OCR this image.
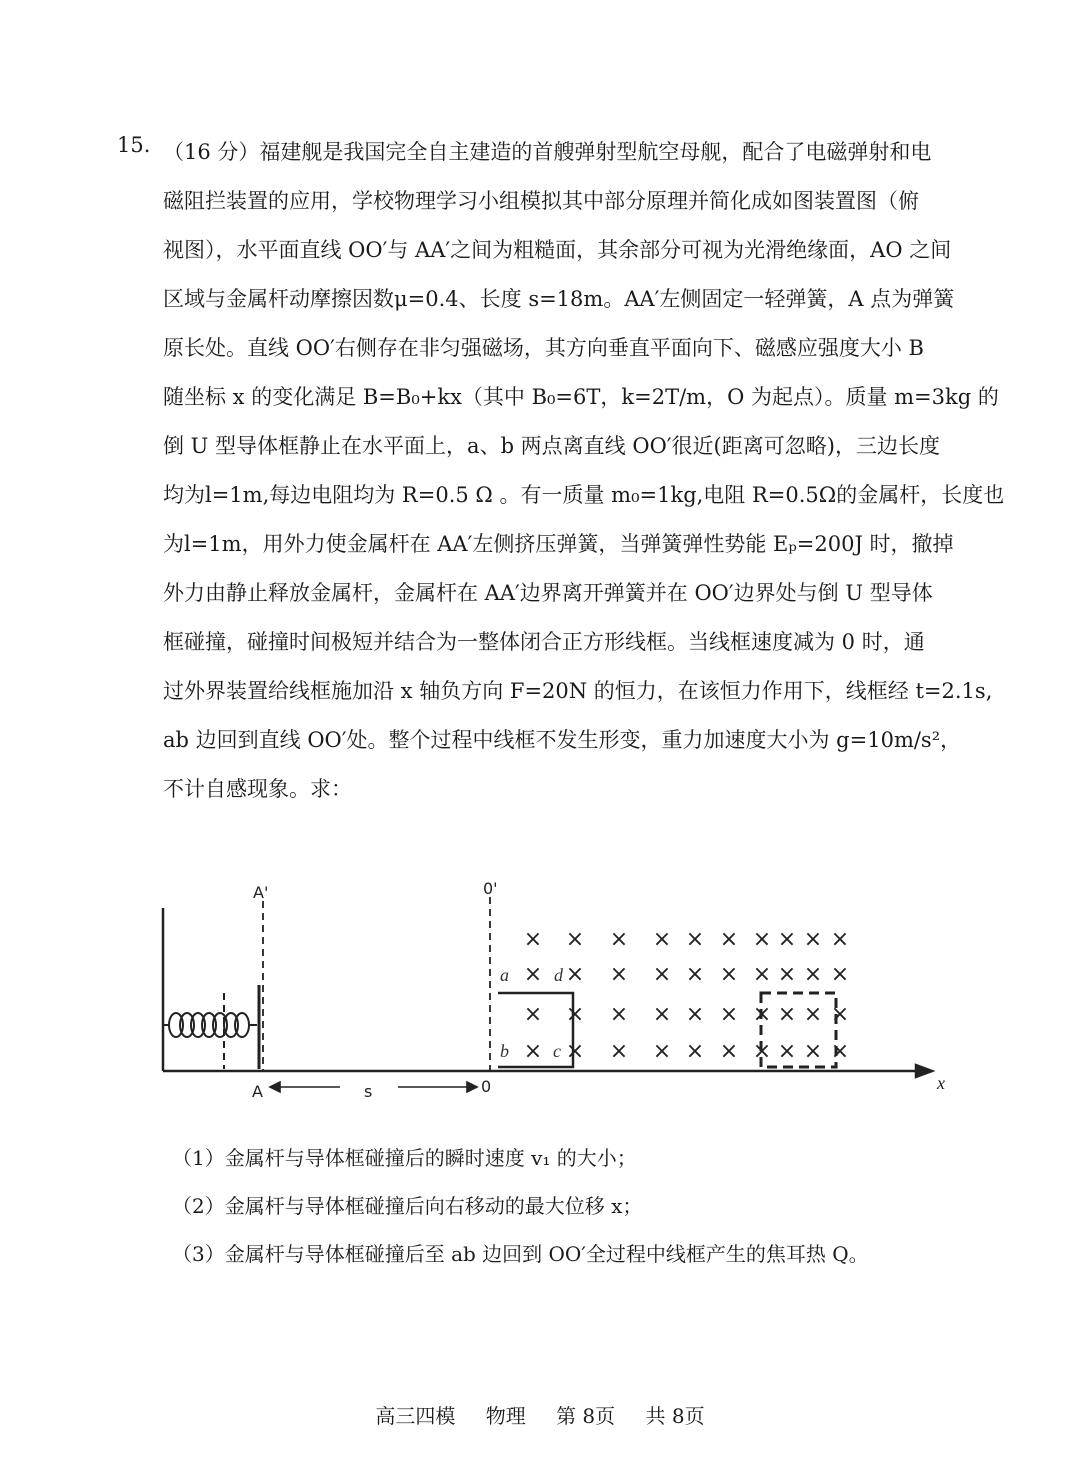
15. （16 分）福建舰是我国完全自主建造的首艘弹射型航空母舰，配合了电磁弹射和电
磁阻拦装置的应用，学校物理学习小组模拟其中部分原理并简化成如图装置图（俯
视图），水平面直线 OO′与 AA′之间为粗糙面，其余部分可视为光滑绝缘面，AO 之间
区域与金属杆动摩擦因数μ=0.4、长度 s=18m。AA′左侧固定一轻弹簧，A 点为弹簧
原长处。直线 OO′右侧存在非匀强磁场，其方向垂直平面向下、磁感应强度大小 B
随坐标 x 的变化满足 B=B₀+kx（其中 B₀=6T，k=2T/m，O 为起点）。质量 m=3kg 的
倒 U 型导体框静止在水平面上，a、b 两点离直线 OO′很近(距离可忽略)，三边长度
均为l=1m,每边电阻均为 R=0.5 Ω 。有一质量 m₀=1kg,电阻 R=0.5Ω的金属杆，长度也
为l=1m，用外力使金属杆在 AA′左侧挤压弹簧，当弹簧弹性势能 Eₚ=200J 时，撤掉
外力由静止释放金属杆，金属杆在 AA′边界离开弹簧并在 OO′边界处与倒 U 型导体
框碰撞，碰撞时间极短并结合为一整体闭合正方形线框。当线框速度减为 0 时，通
过外界装置给线框施加沿 x 轴负方向 F=20N 的恒力，在该恒力作用下，线框经 t=2.1s,
ab 边回到直线 OO′处。整个过程中线框不发生形变，重力加速度大小为 g=10m/s²，
不计自感现象。求：
A'
A
0'
0
s	x
a	d
b c
× × × × × × × × × ×
× × × × × × × × ×
× × × × × × × × × ×
× × × × × × × × × ×
×
（1）金属杆与导体框碰撞后的瞬时速度 v₁ 的大小；
（2）金属杆与导体框碰撞后向右移动的最大位移 x；
（3）金属杆与导体框碰撞后至 ab 边回到 OO′全过程中线框产生的焦耳热 Q。
高三四模 物理 第 8页 共 8页
